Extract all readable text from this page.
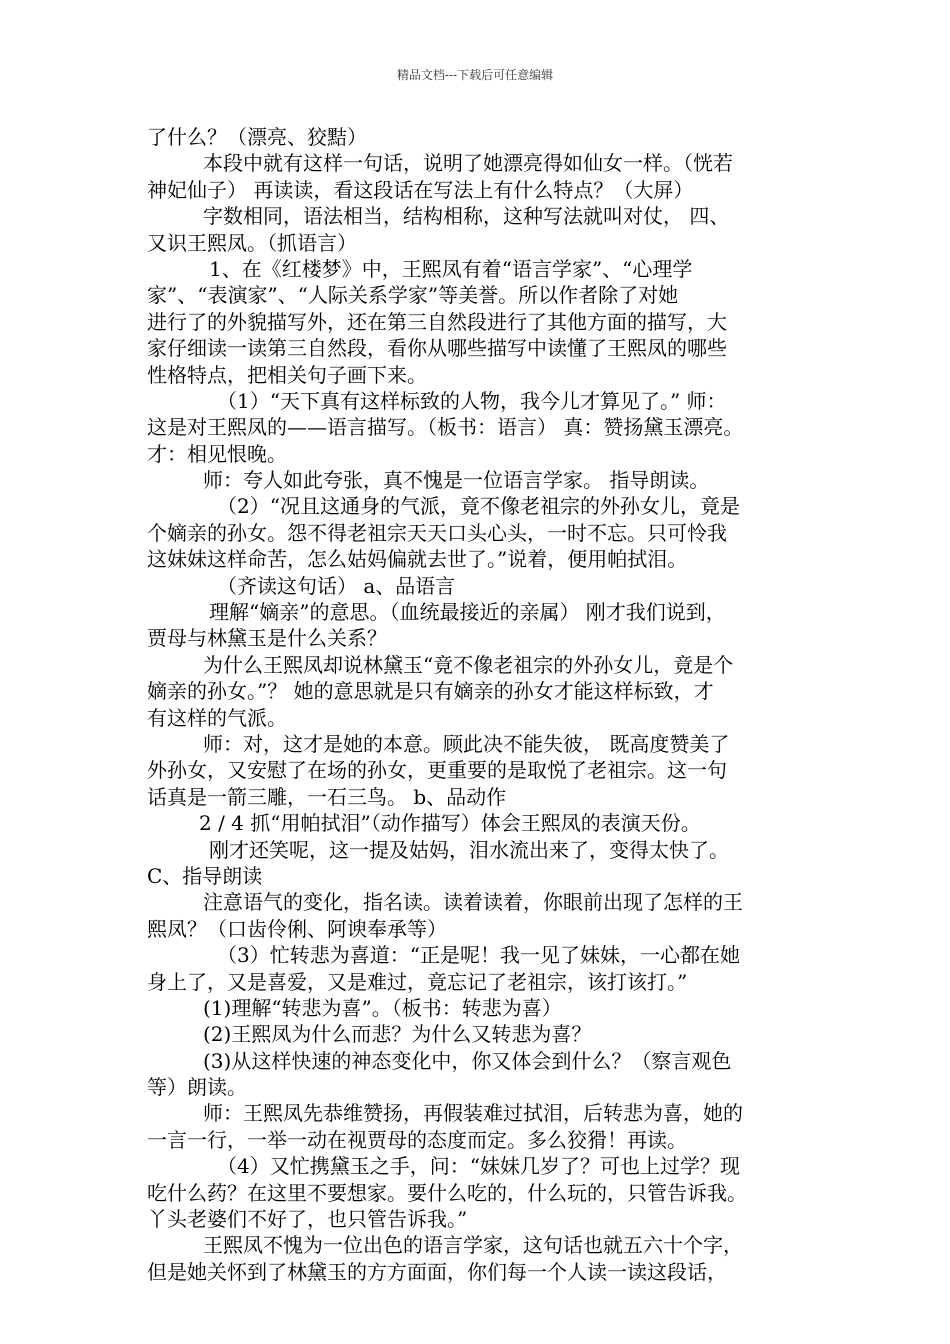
精品文档---下载后可任意编辑
了什么？（漂亮、狡黠）
本段中就有这样一句话，说明了她漂亮得如仙女一样。（恍若
神妃仙子） 再读读，看这段话在写法上有什么特点？（大屏）
字数相同，语法相当，结构相称，这种写法就叫对仗， 四、
又识王熙凤。（抓语言）
1、在《红楼梦》中，王熙凤有着“语言学家”、“心理学
家”、“表演家”、“人际关系学家”等美誉。所以作者除了对她
进行了的外貌描写外，还在第三自然段进行了其他方面的描写，大
家仔细读一读第三自然段，看你从哪些描写中读懂了王熙凤的哪些
性格特点，把相关句子画下来。
（1）“天下真有这样标致的人物，我今儿才算见了。” 师：
这是对王熙凤的——语言描写。（板书：语言） 真：赞扬黛玉漂亮。
才：相见恨晚。
师：夸人如此夸张，真不愧是一位语言学家。 指导朗读。
（2）“况且这通身的气派，竟不像老祖宗的外孙女儿，竟是
个嫡亲的孙女。怨不得老祖宗天天口头心头，一时不忘。只可怜我
这妹妹这样命苦，怎么姑妈偏就去世了。”说着，便用帕拭泪。
（齐读这句话） a、品语言
理解“嫡亲”的意思。（血统最接近的亲属） 刚才我们说到，
贾母与林黛玉是什么关系？
为什么王熙凤却说林黛玉“竟不像老祖宗的外孙女儿，竟是个
嫡亲的孙女。”？ 她的意思就是只有嫡亲的孙女才能这样标致，才
有这样的气派。
师：对，这才是她的本意。顾此决不能失彼， 既高度赞美了
外孙女，又安慰了在场的孙女，更重要的是取悦了老祖宗。这一句
话真是一箭三雕，一石三鸟。 b、品动作
2 / 4 抓“用帕拭泪”（动作描写）体会王熙凤的表演天份。
刚才还笑呢，这一提及姑妈，泪水流出来了，变得太快了。
C、指导朗读
注意语气的变化，指名读。读着读着，你眼前出现了怎样的王
熙凤？（口齿伶俐、阿谀奉承等）
（3）忙转悲为喜道：“正是呢！我一见了妹妹，一心都在她
身上了，又是喜爱，又是难过，竟忘记了老祖宗，该打该打。”
(1)理解“转悲为喜”。（板书：转悲为喜）
(2)王熙凤为什么而悲？为什么又转悲为喜？
(3)从这样快速的神态变化中，你又体会到什么？（察言观色
等）朗读。
师：王熙凤先恭维赞扬，再假装难过拭泪，后转悲为喜，她的
一言一行，一举一动在视贾母的态度而定。多么狡猾！再读。
（4）又忙携黛玉之手，问：“妹妹几岁了？可也上过学？现
吃什么药？在这里不要想家。要什么吃的，什么玩的，只管告诉我。
丫头老婆们不好了，也只管告诉我。”
王熙凤不愧为一位出色的语言学家，这句话也就五六十个字，
但是她关怀到了林黛玉的方方面面，你们每一个人读一读这段话，
